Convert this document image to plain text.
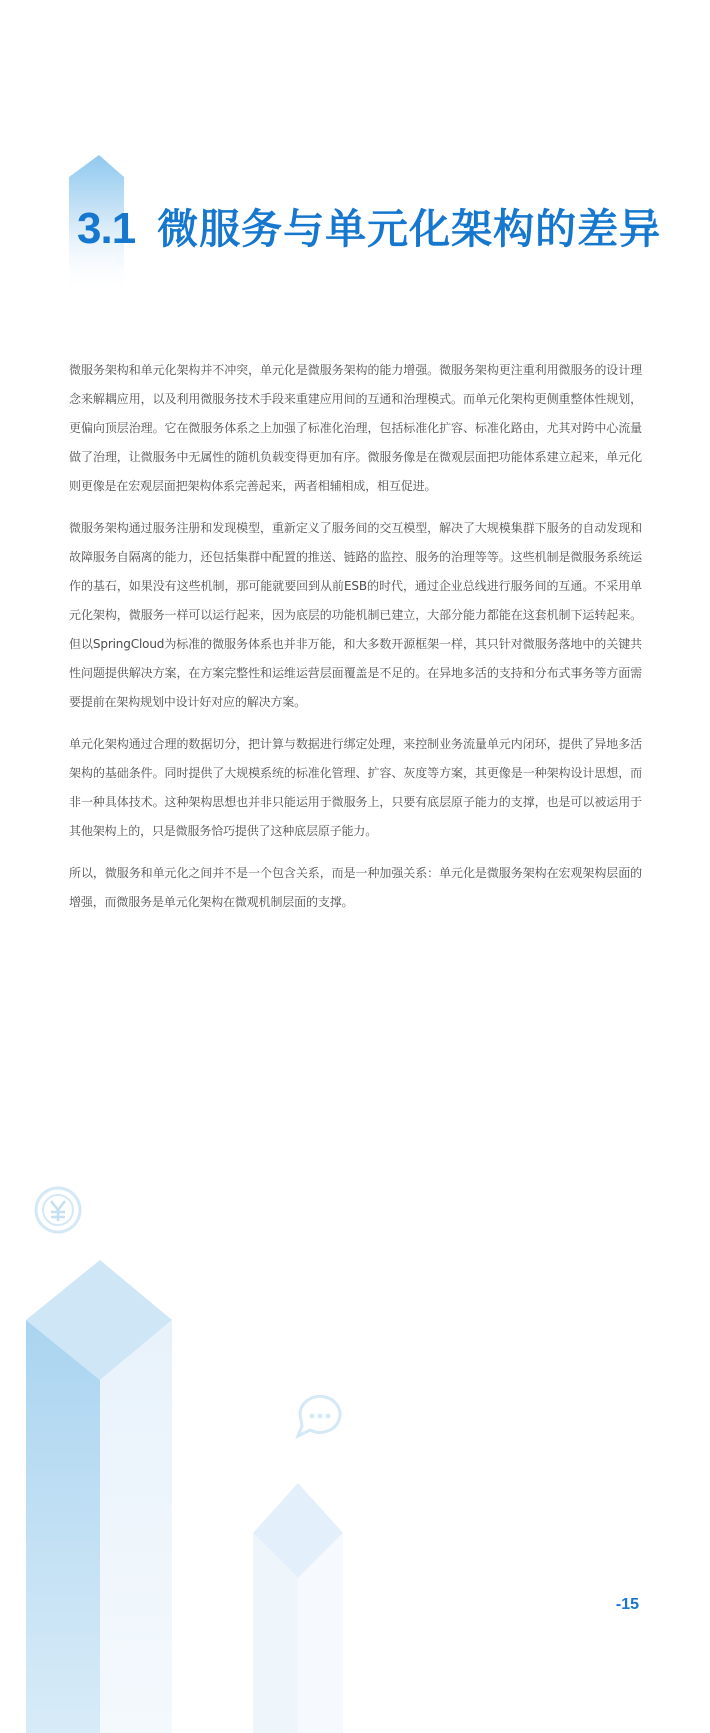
3.1 微服务与单元化架构的差异

微服务架构和单元化架构并不冲突，单元化是微服务架构的能力增强。微服务架构更注重利用微服务的设计理念来解耦应用，以及利用微服务技术手段来重建应用间的互通和治理模式。而单元化架构更侧重整体性规划，更偏向顶层治理。它在微服务体系之上加强了标准化治理，包括标准化扩容、标准化路由，尤其对跨中心流量做了治理，让微服务中无属性的随机负载变得更加有序。微服务像是在微观层面把功能体系建立起来，单元化则更像是在宏观层面把架构体系完善起来，两者相辅相成，相互促进。

微服务架构通过服务注册和发现模型，重新定义了服务间的交互模型，解决了大规模集群下服务的自动发现和故障服务自隔离的能力，还包括集群中配置的推送、链路的监控、服务的治理等等。这些机制是微服务系统运作的基石，如果没有这些机制，那可能就要回到从前ESB的时代，通过企业总线进行服务间的互通。不采用单元化架构，微服务一样可以运行起来，因为底层的功能机制已建立，大部分能力都能在这套机制下运转起来。但以SpringCloud为标准的微服务体系也并非万能，和大多数开源框架一样，其只针对微服务落地中的关键共性问题提供解决方案，在方案完整性和运维运营层面覆盖是不足的。在异地多活的支持和分布式事务等方面需要提前在架构规划中设计好对应的解决方案。

单元化架构通过合理的数据切分，把计算与数据进行绑定处理，来控制业务流量单元内闭环，提供了异地多活架构的基础条件。同时提供了大规模系统的标准化管理、扩容、灰度等方案，其更像是一种架构设计思想，而非一种具体技术。这种架构思想也并非只能运用于微服务上，只要有底层原子能力的支撑，也是可以被运用于其他架构上的，只是微服务恰巧提供了这种底层原子能力。

所以，微服务和单元化之间并不是一个包含关系，而是一种加强关系：单元化是微服务架构在宏观架构层面的增强，而微服务是单元化架构在微观机制层面的支撑。

-15
